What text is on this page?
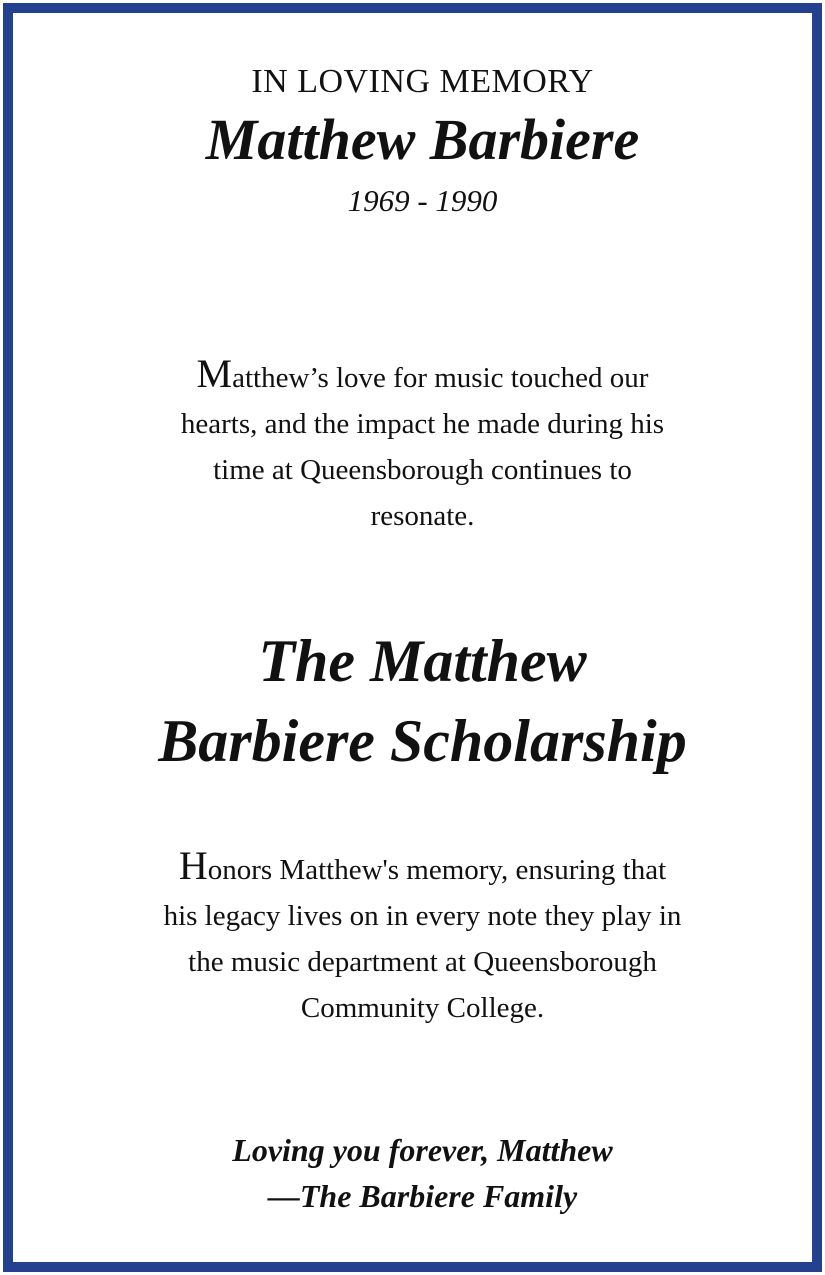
IN LOVING MEMORY
Matthew Barbiere
1969 - 1990
Matthew’s love for music touched our hearts, and the impact he made during his time at Queensborough continues to resonate.
The Matthew
Barbiere Scholarship
Honors Matthew's memory, ensuring that his legacy lives on in every note they play in the music department at Queensborough Community College.
Loving you forever, Matthew
—The Barbiere Family
